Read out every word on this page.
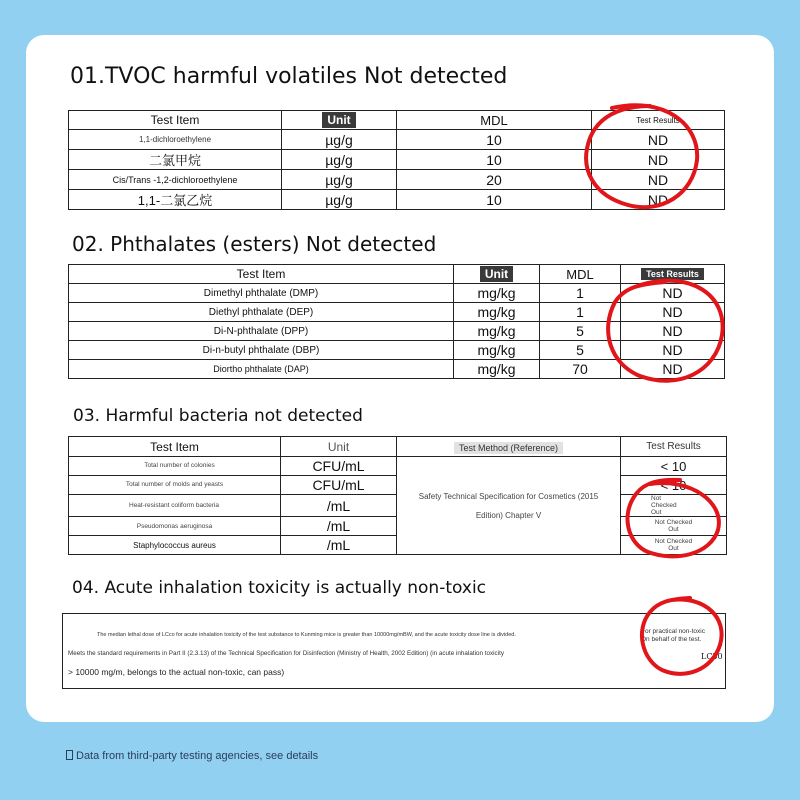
01.TVOC harmful volatiles Not detected
Test Item	Unit	MDL	Test Results
1,1-dichloroethylene	µg/g	10	ND
二氯甲烷	µg/g	10	ND
Cis/Trans -1,2-dichloroethylene	µg/g	20	ND
1,1-二氯乙烷	µg/g	10	ND
02. Phthalates (esters) Not detected
Test Item	Unit	MDL	Test Results
Dimethyl phthalate (DMP)	mg/kg	1	ND
Diethyl phthalate (DEP)	mg/kg	1	ND
Di-N-phthalate (DPP)	mg/kg	5	ND
Di-n-butyl phthalate (DBP)	mg/kg	5	ND
Diortho phthalate (DAP)	mg/kg	70	ND
03. Harmful bacteria not detected
Test Item	Unit	Test Method (Reference)	Test Results
Total number of colonies	CFU/mL	Safety Technical Specification for Cosmetics (2015 Edition) Chapter V	< 10
Total number of molds and yeasts	CFU/mL		< 10
Heat-resistant coliform bacteria	/mL		Not Checked Out
Pseudomonas aeruginosa	/mL		Not Checked Out
Staphylococcus aureus	/mL		Not Checked Out
04. Acute inhalation toxicity is actually non-toxic
The median lethal dose of LCco for acute inhalation toxicity of the test substance to Kunming mice is greater than 10000mg/mBW, and the acute toxicity dose line is divided.
Meets the standard requirements in Part II (2.3.13) of the Technical Specification for Disinfection (Ministry of Health, 2002 Edition) (in acute inhalation toxicity
> 10000 mg/m, belongs to the actual non-toxic, can pass)
For practical non-toxic On behalf of the test.
LC50
Data from third-party testing agencies, see details
